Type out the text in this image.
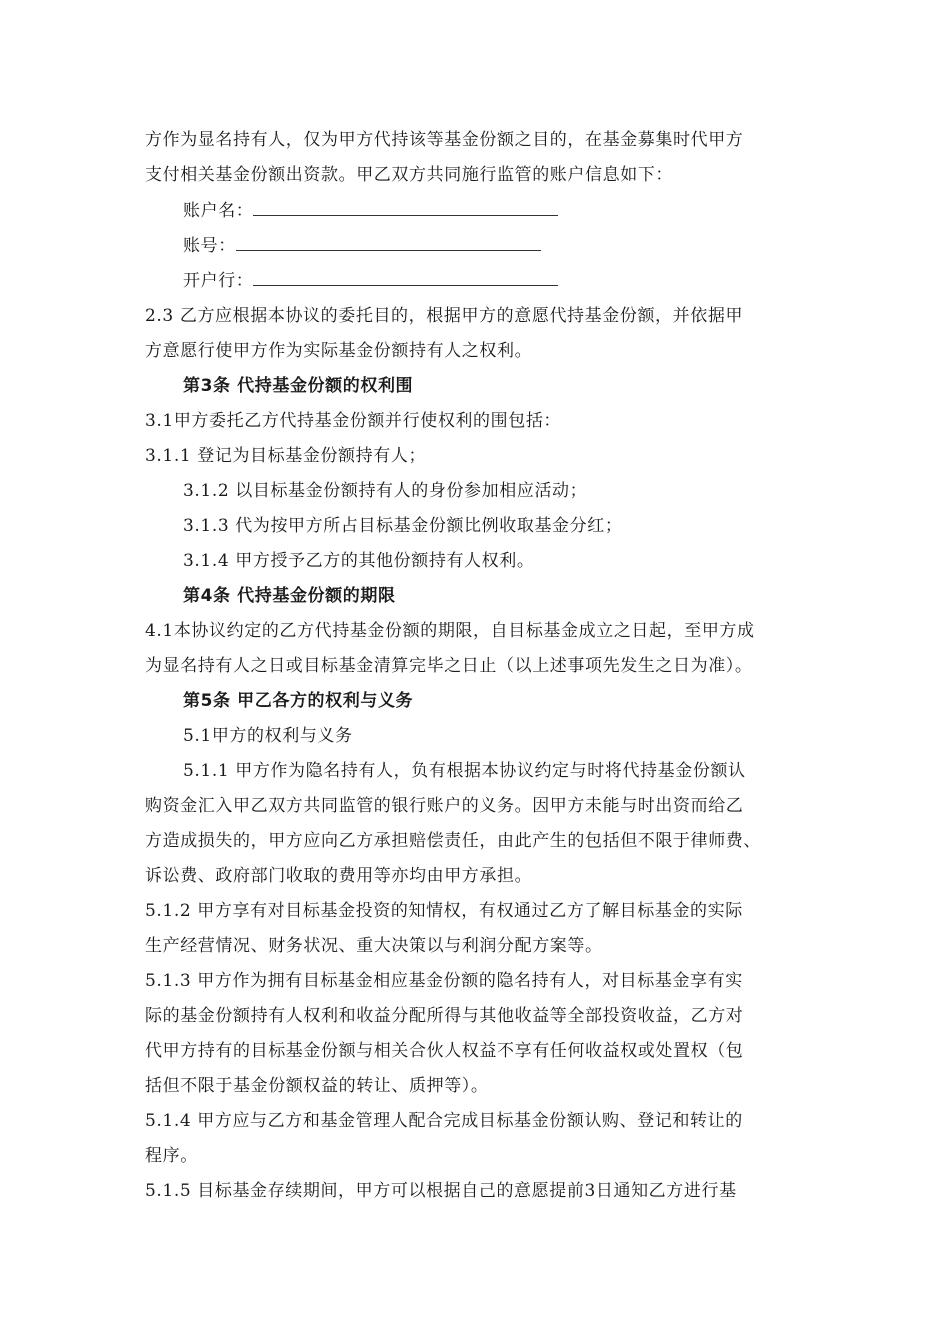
方作为显名持有人，仅为甲方代持该等基金份额之目的，在基金募集时代甲方
支付相关基金份额出资款。甲乙双方共同施行监管的账户信息如下：
账户名：
账号：
开户行：
2.3 乙方应根据本协议的委托目的，根据甲方的意愿代持基金份额，并依据甲
方意愿行使甲方作为实际基金份额持有人之权利。
第3条 代持基金份额的权利围
3.1甲方委托乙方代持基金份额并行使权利的围包括：
3.1.1 登记为目标基金份额持有人；
3.1.2 以目标基金份额持有人的身份参加相应活动；
3.1.3 代为按甲方所占目标基金份额比例收取基金分红；
3.1.4 甲方授予乙方的其他份额持有人权利。
第4条 代持基金份额的期限
4.1本协议约定的乙方代持基金份额的期限，自目标基金成立之日起，至甲方成
为显名持有人之日或目标基金清算完毕之日止（以上述事项先发生之日为准）。
第5条 甲乙各方的权利与义务
5.1甲方的权利与义务
5.1.1 甲方作为隐名持有人，负有根据本协议约定与时将代持基金份额认
购资金汇入甲乙双方共同监管的银行账户的义务。因甲方未能与时出资而给乙
方造成损失的，甲方应向乙方承担赔偿责任，由此产生的包括但不限于律师费、
诉讼费、政府部门收取的费用等亦均由甲方承担。
5.1.2 甲方享有对目标基金投资的知情权，有权通过乙方了解目标基金的实际
生产经营情况、财务状况、重大决策以与利润分配方案等。
5.1.3 甲方作为拥有目标基金相应基金份额的隐名持有人，对目标基金享有实
际的基金份额持有人权利和收益分配所得与其他收益等全部投资收益，乙方对
代甲方持有的目标基金份额与相关合伙人权益不享有任何收益权或处置权（包
括但不限于基金份额权益的转让、质押等）。
5.1.4 甲方应与乙方和基金管理人配合完成目标基金份额认购、登记和转让的
程序。
5.1.5 目标基金存续期间，甲方可以根据自己的意愿提前3日通知乙方进行基
